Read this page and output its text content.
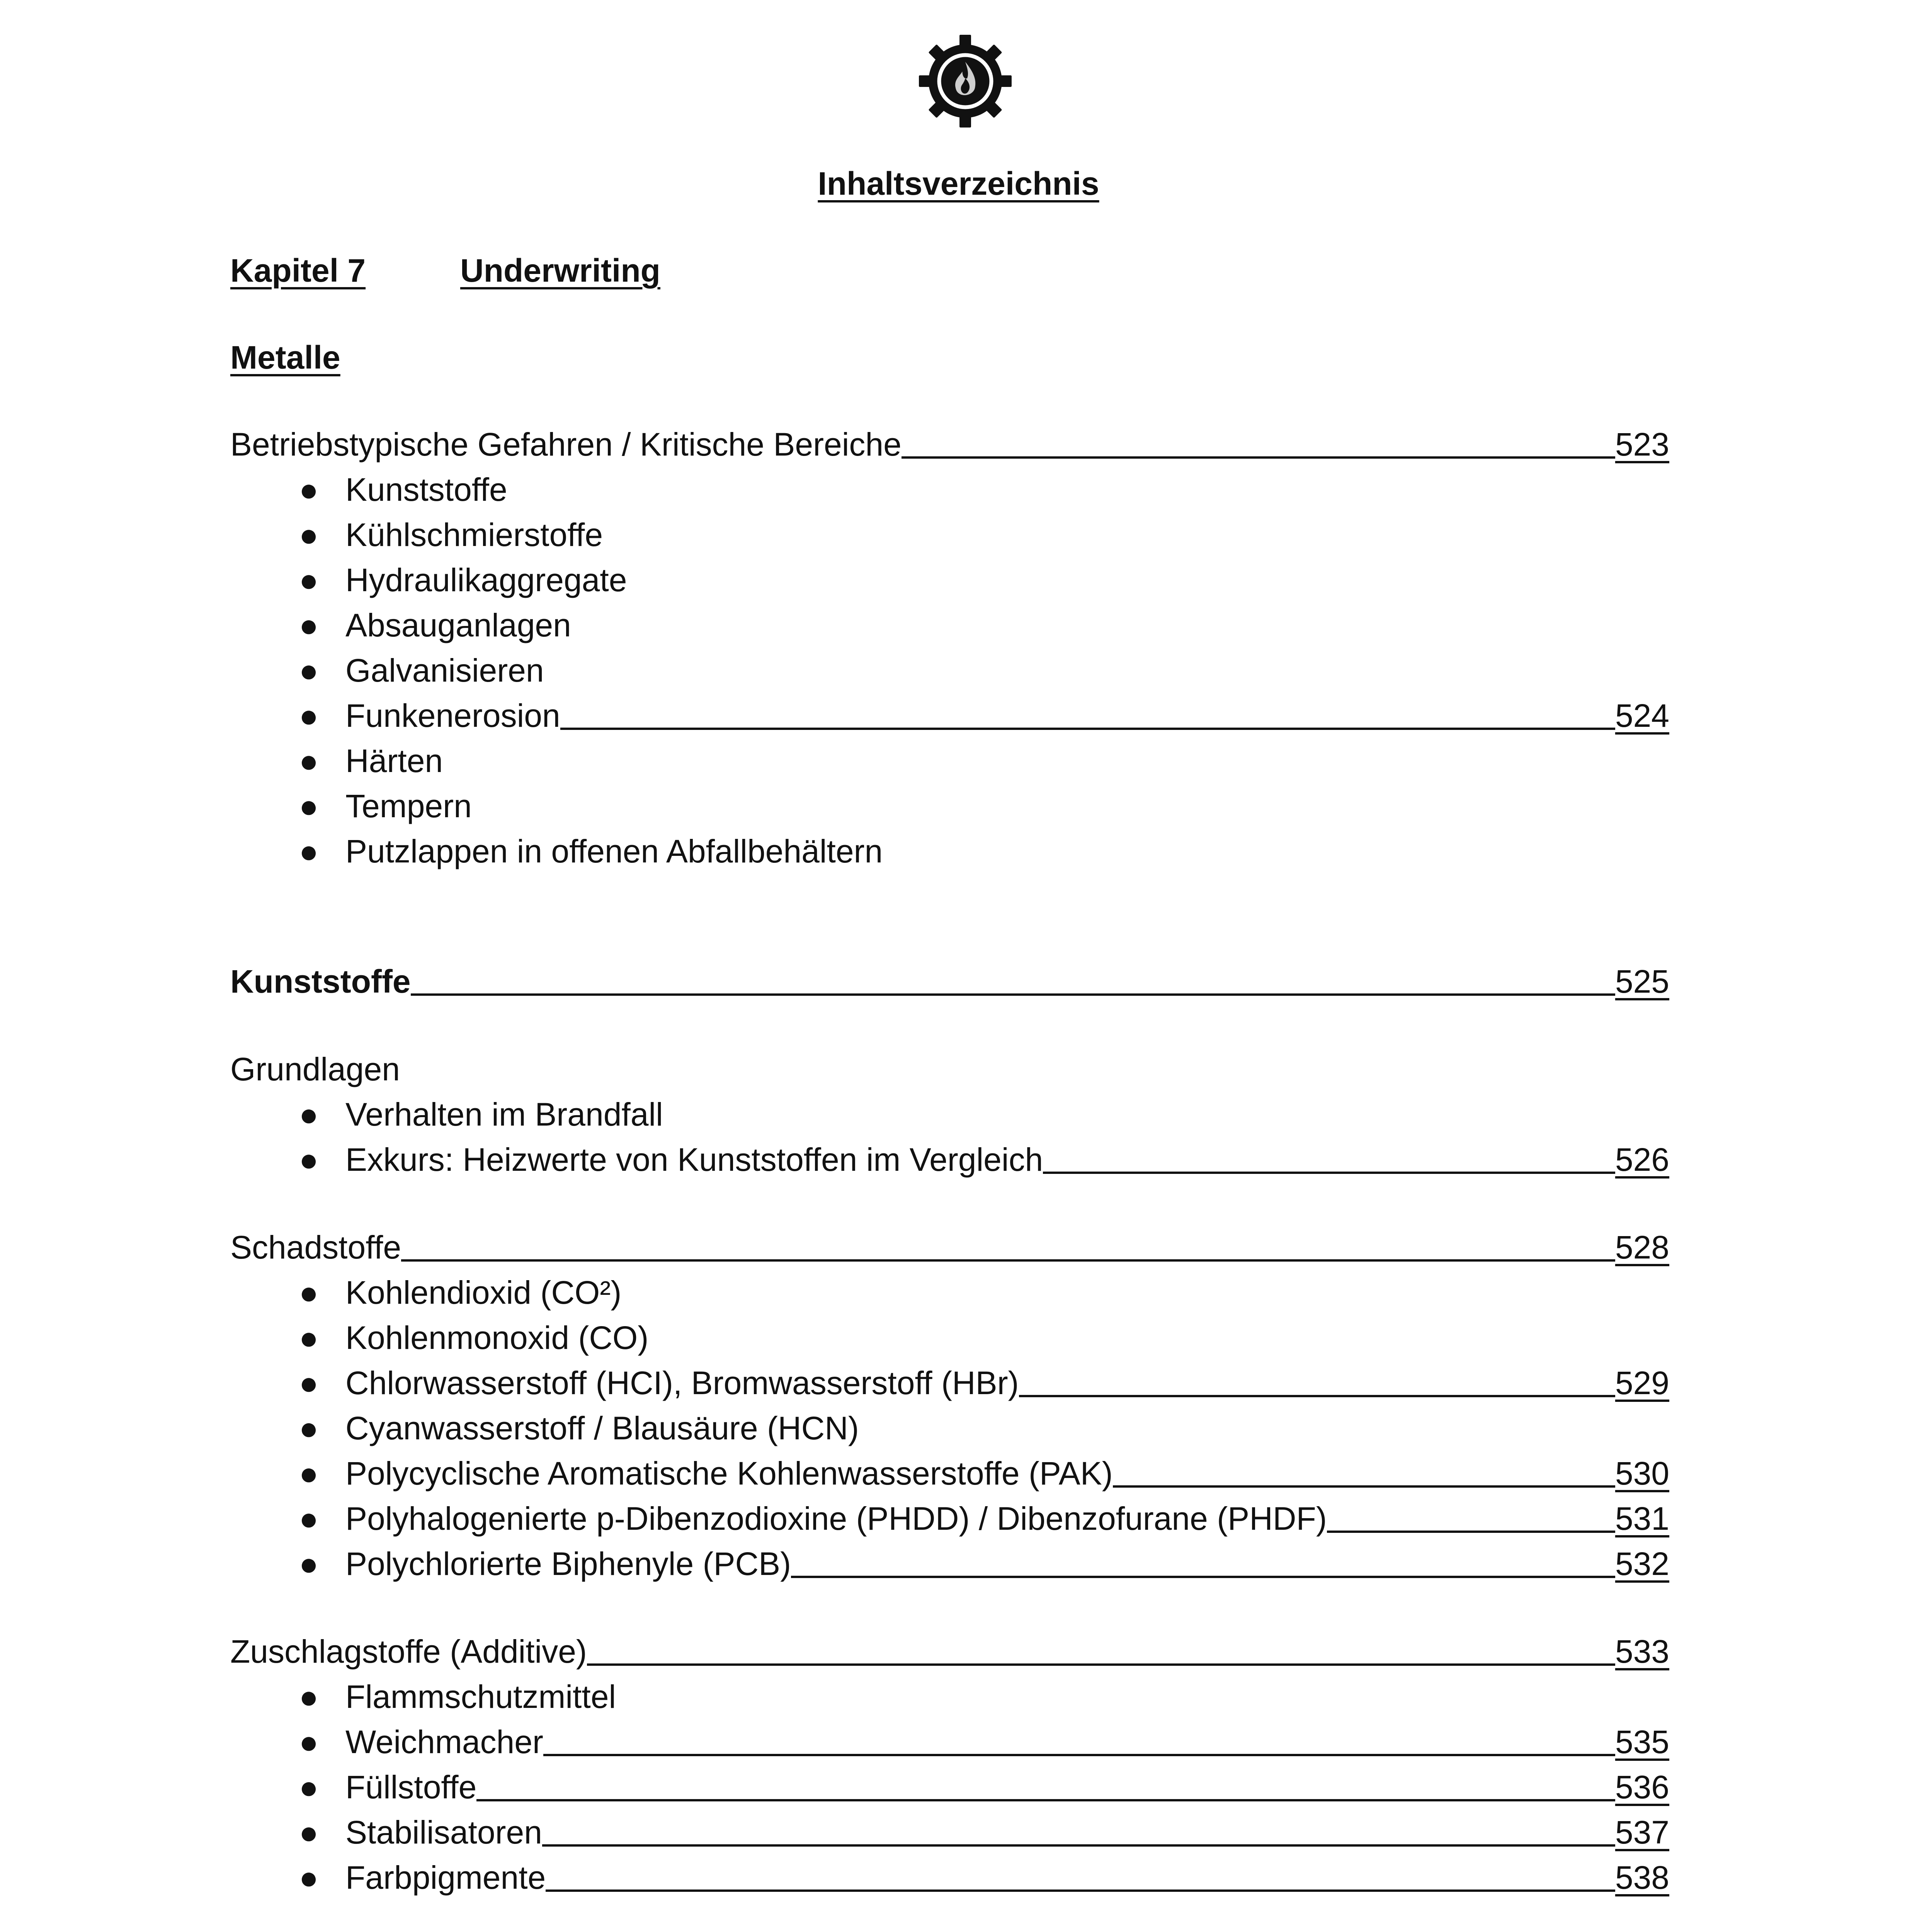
Inhaltsverzeichnis
Kapitel 7	Underwriting
Metalle
Betriebstypische Gefahren / Kritische Bereiche	523
● Kunststoffe
● Kühlschmierstoffe
● Hydraulikaggregate
● Absauganlagen
● Galvanisieren
● Funkenerosion	524
● Härten
● Tempern
● Putzlappen in offenen Abfallbehältern
Kunststoffe	525
Grundlagen
● Verhalten im Brandfall
● Exkurs: Heizwerte von Kunststoffen im Vergleich	526
Schadstoffe	528
● Kohlendioxid (CO²)
● Kohlenmonoxid (CO)
● Chlorwasserstoff (HCI), Bromwasserstoff (HBr)	529
● Cyanwasserstoff / Blausäure (HCN)
● Polycyclische Aromatische Kohlenwasserstoffe (PAK)	530
● Polyhalogenierte p-Dibenzodioxine (PHDD) / Dibenzofurane (PHDF)	531
● Polychlorierte Biphenyle (PCB)	532
Zuschlagstoffe (Additive)	533
● Flammschutzmittel
● Weichmacher	535
● Füllstoffe	536
● Stabilisatoren	537
● Farbpigmente	538
